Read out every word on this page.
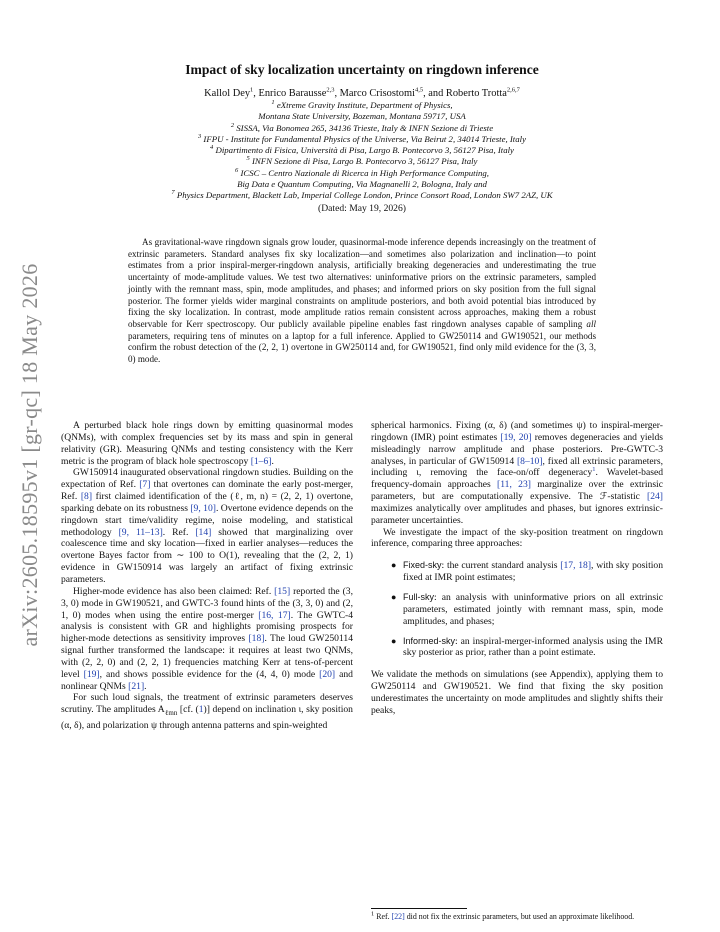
arXiv:2605.18595v1 [gr-qc] 18 May 2026
Impact of sky localization uncertainty on ringdown inference
Kallol Dey$^1$, Enrico Barausse$^{2,3}$, Marco Crisostomi$^{4,5}$, and Roberto Trotta$^{2,6,7}$
$^1$ eXtreme Gravity Institute, Department of Physics,
Montana State University, Bozeman, Montana 59717, USA
$^2$ SISSA, Via Bonomea 265, 34136 Trieste, Italy & INFN Sezione di Trieste
$^3$ IFPU - Institute for Fundamental Physics of the Universe, Via Beirut 2, 34014 Trieste, Italy
$^4$ Dipartimento di Fisica, Università di Pisa, Largo B. Pontecorvo 3, 56127 Pisa, Italy
$^5$ INFN Sezione di Pisa, Largo B. Pontecorvo 3, 56127 Pisa, Italy
$^6$ ICSC – Centro Nazionale di Ricerca in High Performance Computing,
Big Data e Quantum Computing, Via Magnanelli 2, Bologna, Italy and
$^7$ Physics Department, Blackett Lab, Imperial College London, Prince Consort Road, London SW7 2AZ, UK
(Dated: May 19, 2026)

As gravitational-wave ringdown signals grow louder, quasinormal-mode inference depends increasingly on the treatment of extrinsic parameters. Standard analyses fix sky localization—and sometimes also polarization and inclination—to point estimates from a prior inspiral-merger-ringdown analysis, artificially breaking degeneracies and underestimating the true uncertainty of mode-amplitude values. We test two alternatives: uninformative priors on the extrinsic parameters, sampled jointly with the remnant mass, spin, mode amplitudes, and phases; and informed priors on sky position from the full signal posterior. The former yields wider marginal constraints on amplitude posteriors, and both avoid potential bias introduced by fixing the sky localization. In contrast, mode amplitude ratios remain consistent across approaches, making them a robust observable for Kerr spectroscopy. Our publicly available pipeline enables fast ringdown analyses capable of sampling all parameters, requiring tens of minutes on a laptop for a full inference. Applied to GW250114 and GW190521, our methods confirm the robust detection of the (2, 2, 1) overtone in GW250114 and, for GW190521, find only mild evidence for the (3, 3, 0) mode.

A perturbed black hole rings down by emitting quasinormal modes (QNMs), with complex frequencies set by its mass and spin in general relativity (GR). Measuring QNMs and testing consistency with the Kerr metric is the program of black hole spectroscopy [1–6].

GW150914 inaugurated observational ringdown studies. Building on the expectation of Ref. [7] that overtones can dominate the early post-merger, Ref. [8] first claimed identification of the (ℓ, m, n) = (2, 2, 1) overtone, sparking debate on its robustness [9, 10]. Overtone evidence depends on the ringdown start time/validity regime, noise modeling, and statistical methodology [9, 11–13]. Ref. [14] showed that marginalizing over coalescence time and sky location—fixed in earlier analyses—reduces the overtone Bayes factor from ∼ 100 to O(1), revealing that the (2, 2, 1) evidence in GW150914 was largely an artifact of fixing extrinsic parameters.

Higher-mode evidence has also been claimed: Ref. [15] reported the (3, 3, 0) mode in GW190521, and GWTC-3 found hints of the (3, 3, 0) and (2, 1, 0) modes when using the entire post-merger [16, 17]. The GWTC-4 analysis is consistent with GR and highlights promising prospects for higher-mode detections as sensitivity improves [18]. The loud GW250114 signal further transformed the landscape: it requires at least two QNMs, with (2, 2, 0) and (2, 2, 1) frequencies matching Kerr at tens-of-percent level [19], and shows possible evidence for the (4, 4, 0) mode [20] and nonlinear QNMs [21].

For such loud signals, the treatment of extrinsic parameters deserves scrutiny. The amplitudes $A_{\ell mn}$ [cf. (1)] depend on inclination ι, sky position (α, δ), and polarization ψ through antenna patterns and spin-weighted

spherical harmonics. Fixing (α, δ) (and sometimes ψ) to inspiral-merger-ringdown (IMR) point estimates [19, 20] removes degeneracies and yields misleadingly narrow amplitude and phase posteriors. Pre-GWTC-3 analyses, in particular of GW150914 [8–10], fixed all extrinsic parameters, including ι, removing the face-on/off degeneracy$^1$. Wavelet-based frequency-domain approaches [11, 23] marginalize over the extrinsic parameters, but are computationally expensive. The ℱ-statistic [24] maximizes analytically over amplitudes and phases, but ignores extrinsic-parameter uncertainties.

We investigate the impact of the sky-position treatment on ringdown inference, comparing three approaches:

● Fixed-sky: the current standard analysis [17, 18], with sky position fixed at IMR point estimates;
● Full-sky: an analysis with uninformative priors on all extrinsic parameters, estimated jointly with remnant mass, spin, mode amplitudes, and phases;
● Informed-sky: an inspiral-merger-informed analysis using the IMR sky posterior as prior, rather than a point estimate.

We validate the methods on simulations (see Appendix), applying them to GW250114 and GW190521. We find that fixing the sky position underestimates the uncertainty on mode amplitudes and slightly shifts their peaks,

$^1$ Ref. [22] did not fix the extrinsic parameters, but used an approximate likelihood.
